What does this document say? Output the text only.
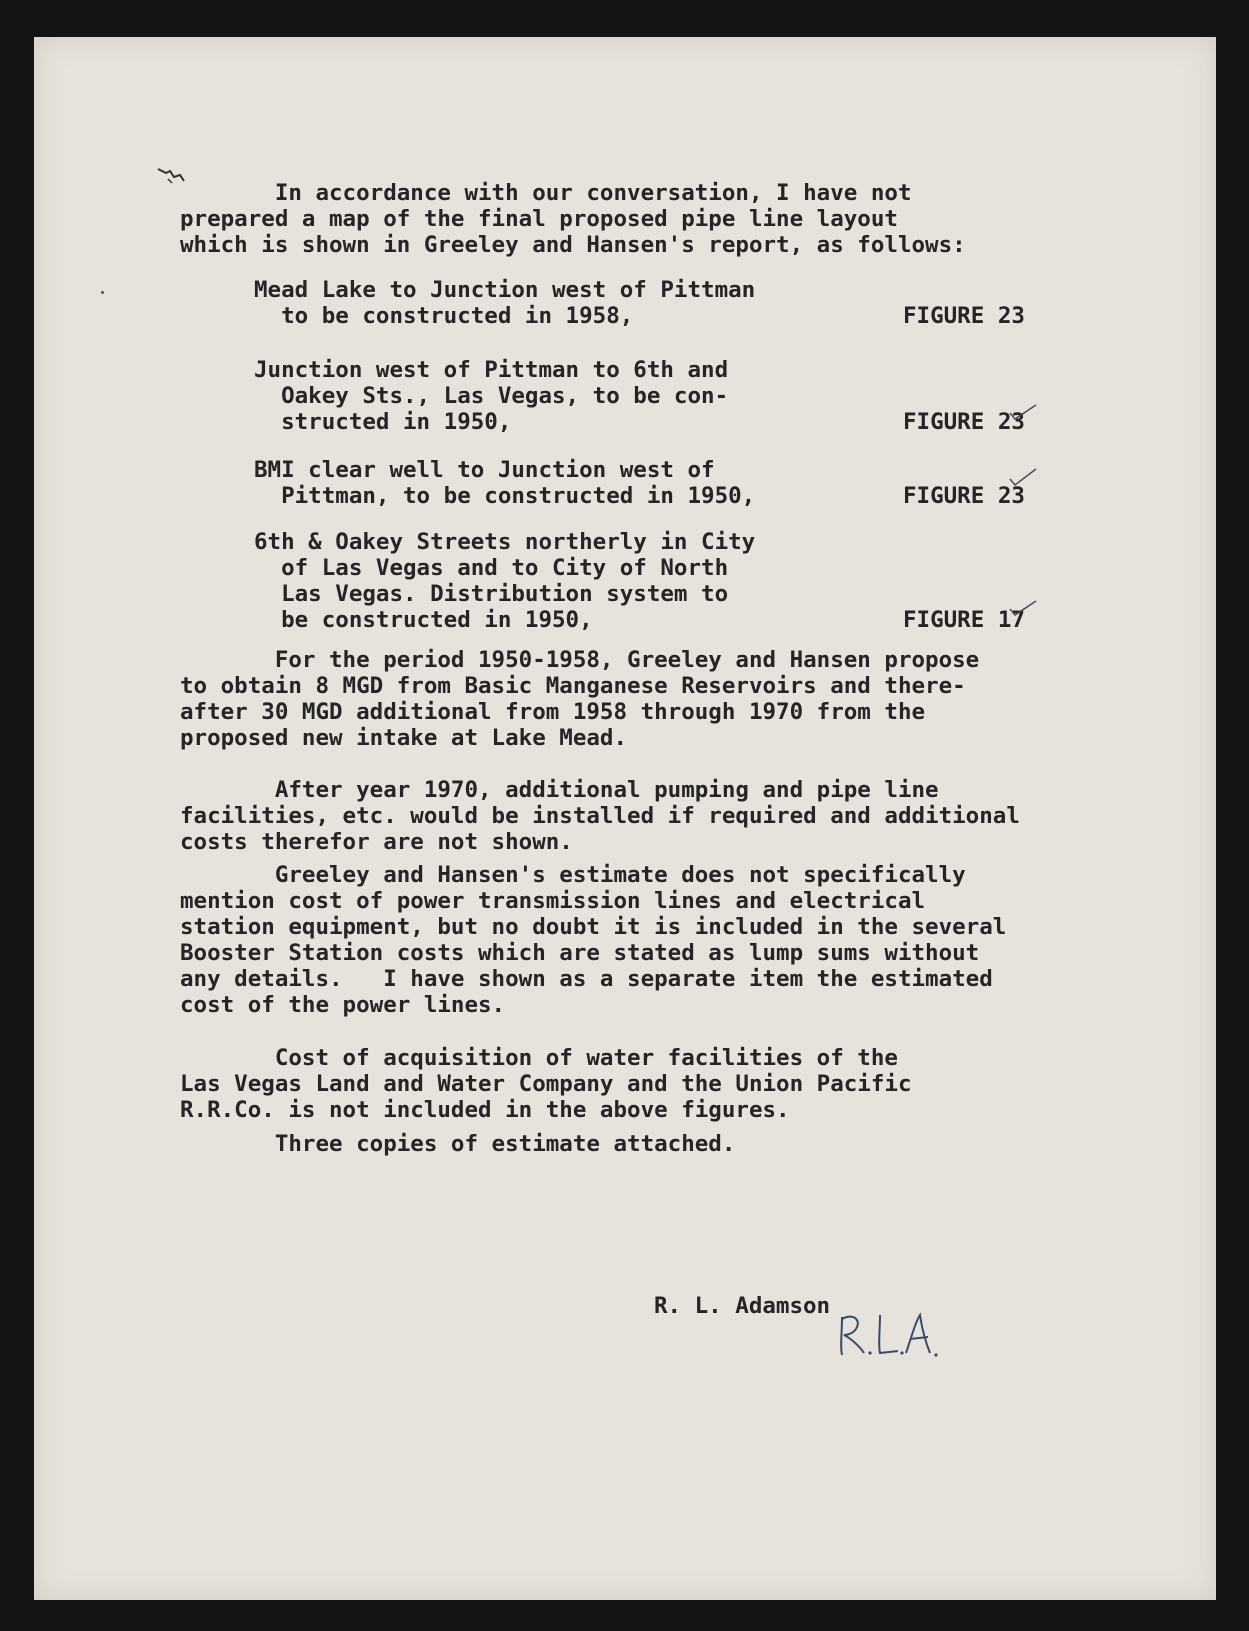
In accordance with our conversation, I have not
prepared a map of the final proposed pipe line layout
which is shown in Greeley and Hansen's report, as follows:
Mead Lake to Junction west of Pittman
to be constructed in 1958,	FIGURE 23
Junction west of Pittman to 6th and
Oakey Sts., Las Vegas, to be con-
structed in 1950,	FIGURE 23
BMI clear well to Junction west of
Pittman, to be constructed in 1950,	FIGURE 23
6th & Oakey Streets northerly in City
of Las Vegas and to City of North
Las Vegas. Distribution system to
be constructed in 1950,	FIGURE 17
For the period 1950-1958, Greeley and Hansen propose
to obtain 8 MGD from Basic Manganese Reservoirs and there-
after 30 MGD additional from 1958 through 1970 from the
proposed new intake at Lake Mead.
After year 1970, additional pumping and pipe line
facilities, etc. would be installed if required and additional
costs therefor are not shown.
Greeley and Hansen's estimate does not specifically
mention cost of power transmission lines and electrical
station equipment, but no doubt it is included in the several
Booster Station costs which are stated as lump sums without
any details.   I have shown as a separate item the estimated
cost of the power lines.
Cost of acquisition of water facilities of the
Las Vegas Land and Water Company and the Union Pacific
R.R.Co. is not included in the above figures.
Three copies of estimate attached.
R. L. Adamson
